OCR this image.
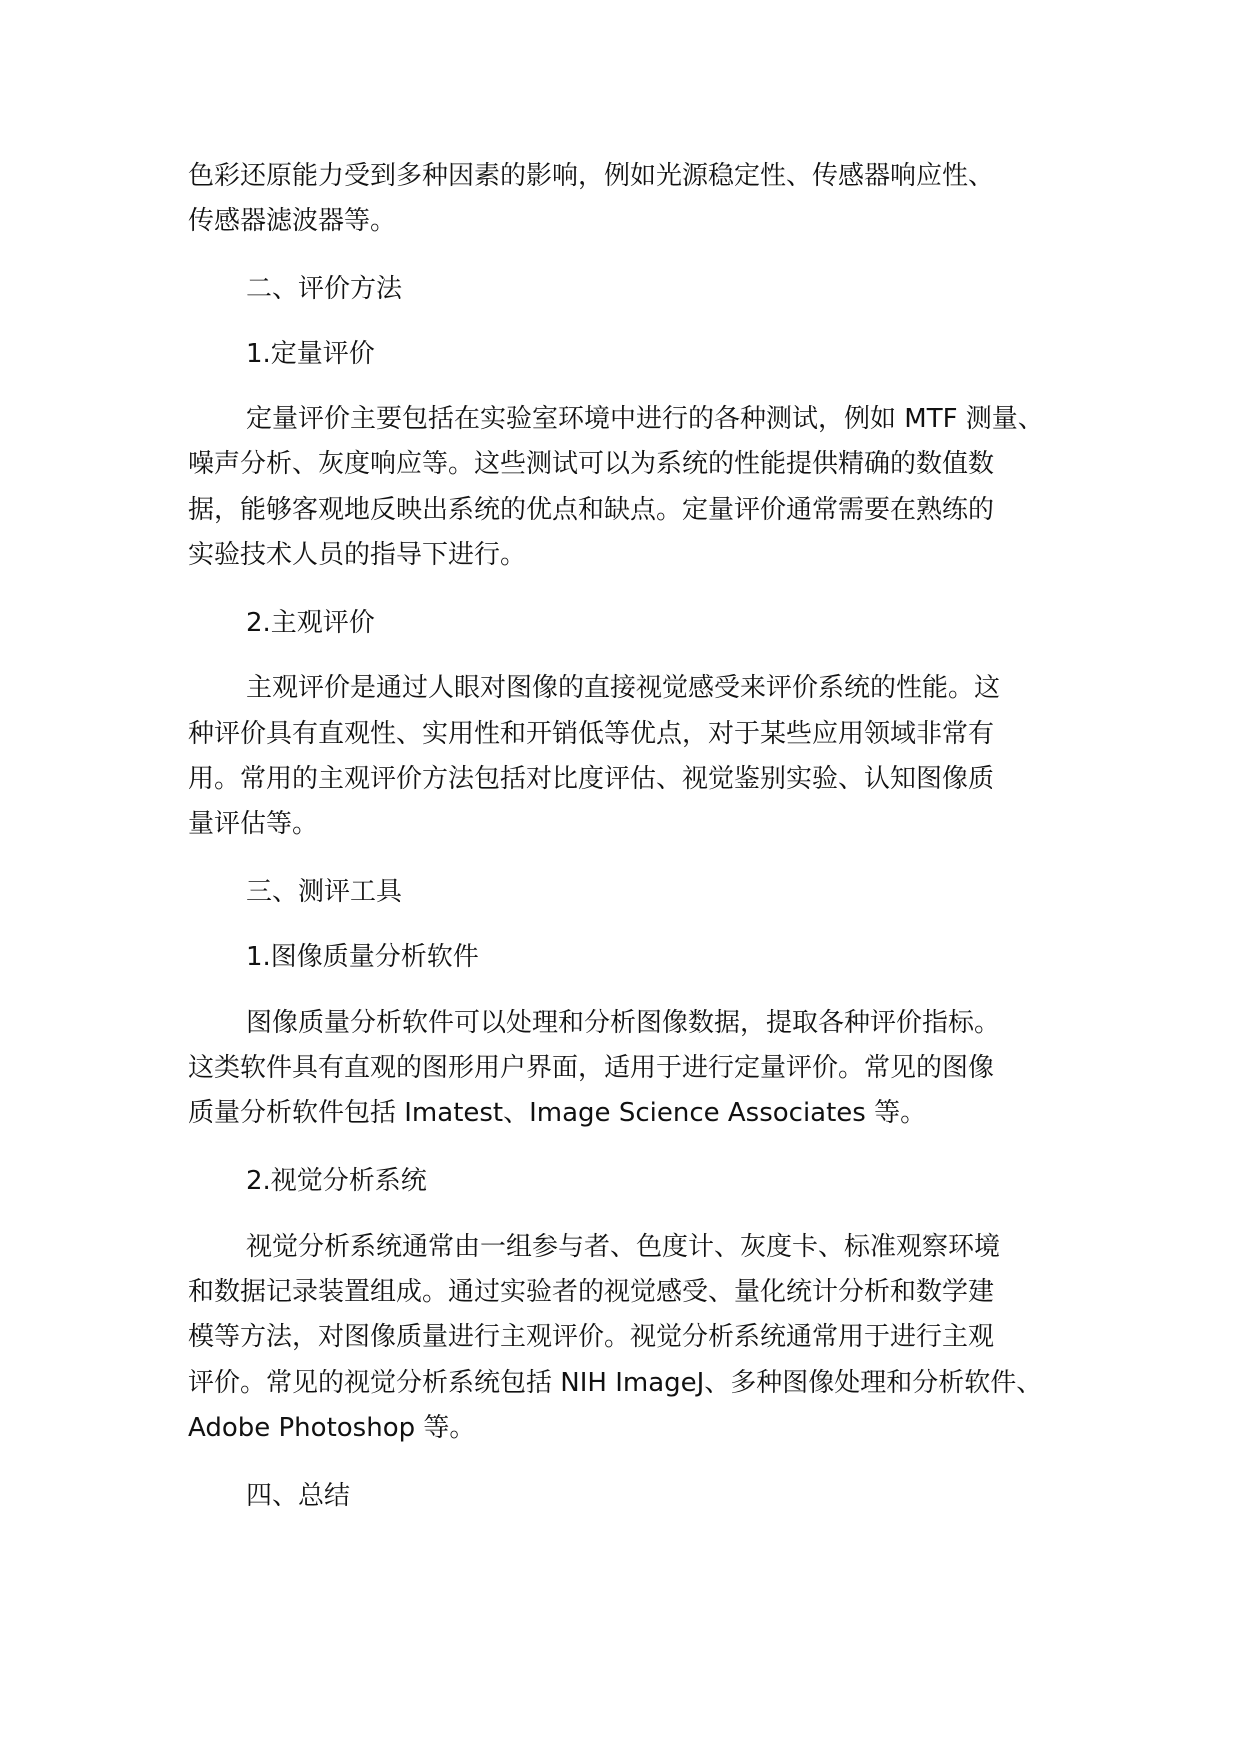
色彩还原能力受到多种因素的影响，例如光源稳定性、传感器响应性、
传感器滤波器等。
二、评价方法
1.定量评价
定量评价主要包括在实验室环境中进行的各种测试，例如 MTF 测量、
噪声分析、灰度响应等。这些测试可以为系统的性能提供精确的数值数
据，能够客观地反映出系统的优点和缺点。定量评价通常需要在熟练的
实验技术人员的指导下进行。
2.主观评价
主观评价是通过人眼对图像的直接视觉感受来评价系统的性能。这
种评价具有直观性、实用性和开销低等优点，对于某些应用领域非常有
用。常用的主观评价方法包括对比度评估、视觉鉴别实验、认知图像质
量评估等。
三、测评工具
1.图像质量分析软件
图像质量分析软件可以处理和分析图像数据，提取各种评价指标。
这类软件具有直观的图形用户界面，适用于进行定量评价。常见的图像
质量分析软件包括 Imatest、Image Science Associates 等。
2.视觉分析系统
视觉分析系统通常由一组参与者、色度计、灰度卡、标准观察环境
和数据记录装置组成。通过实验者的视觉感受、量化统计分析和数学建
模等方法，对图像质量进行主观评价。视觉分析系统通常用于进行主观
评价。常见的视觉分析系统包括 NIH ImageJ、多种图像处理和分析软件、
Adobe Photoshop 等。
四、总结
